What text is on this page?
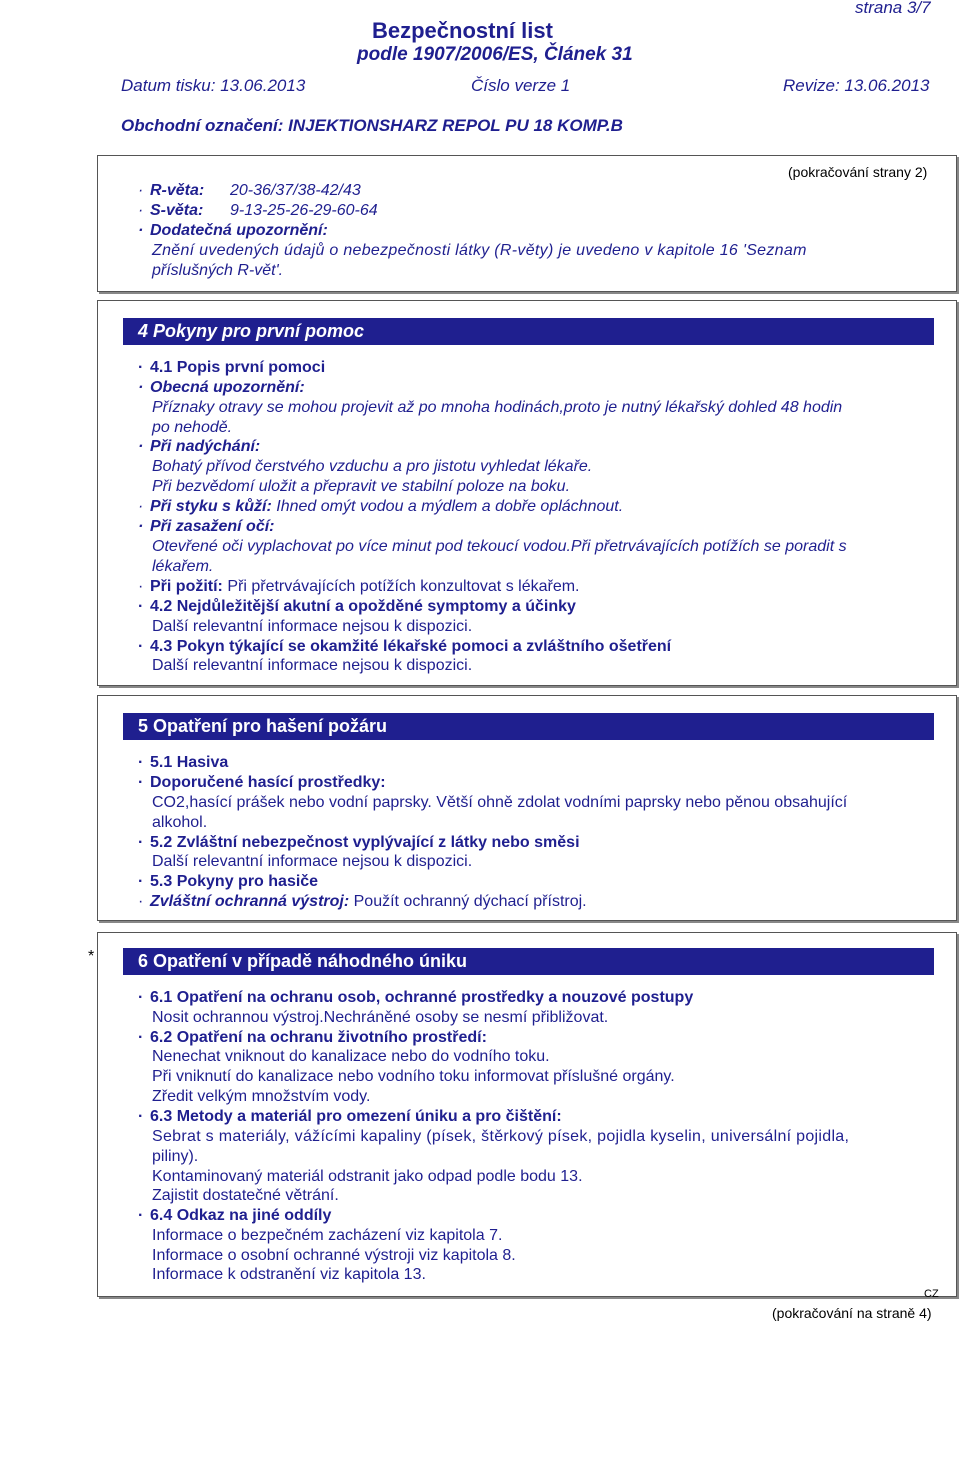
strana 3/7
Bezpečnostní list
podle 1907/2006/ES, Článek 31
Datum tisku: 13.06.2013	Číslo verze 1	Revize: 13.06.2013
Obchodní označení: INJEKTIONSHARZ REPOL PU 18 KOMP.B
(pokračování strany 2)
· R-věta: 20-36/37/38-42/43
· S-věta: 9-13-25-26-29-60-64
· Dodatečná upozornění:
Znění uvedených údajů o nebezpečnosti látky (R-věty) je uvedeno v kapitole 16 'Seznam
příslušných R-vět'.
4 Pokyny pro první pomoc
· 4.1 Popis první pomoci
· Obecná upozornění:
Příznaky otravy se mohou projevit až po mnoha hodinách,proto je nutný lékařský dohled 48 hodin
po nehodě.
· Při nadýchání:
Bohatý přívod čerstvého vzduchu a pro jistotu vyhledat lékaře.
Při bezvědomí uložit a přepravit ve stabilní poloze na boku.
· Při styku s kůží: Ihned omýt vodou a mýdlem a dobře opláchnout.
· Při zasažení očí:
Otevřené oči vyplachovat po více minut pod tekoucí vodou.Při přetrvávajících potížích se poradit s
lékařem.
· Při požití: Při přetrvávajících potížích konzultovat s lékařem.
· 4.2 Nejdůležitější akutní a opožděné symptomy a účinky
Další relevantní informace nejsou k dispozici.
· 4.3 Pokyn týkající se okamžité lékařské pomoci a zvláštního ošetření
Další relevantní informace nejsou k dispozici.
5 Opatření pro hašení požáru
· 5.1 Hasiva
· Doporučené hasící prostředky:
CO2,hasící prášek nebo vodní paprsky. Větší ohně zdolat vodními paprsky nebo pěnou obsahující
alkohol.
· 5.2 Zvláštní nebezpečnost vyplývající z látky nebo směsi
Další relevantní informace nejsou k dispozici.
· 5.3 Pokyny pro hasiče
· Zvláštní ochranná výstroj: Použít ochranný dýchací přístroj.
*	6 Opatření v případě náhodného úniku
· 6.1 Opatření na ochranu osob, ochranné prostředky a nouzové postupy
Nosit ochrannou výstroj.Nechráněné osoby se nesmí přibližovat.
· 6.2 Opatření na ochranu životního prostředí:
Nenechat vniknout do kanalizace nebo do vodního toku.
Při vniknutí do kanalizace nebo vodního toku informovat příslušné orgány.
Zředit velkým množstvím vody.
· 6.3 Metody a materiál pro omezení úniku a pro čištění:
Sebrat s materiály, vážícími kapaliny (písek, štěrkový písek, pojidla kyselin, universální pojidla,
piliny).
Kontaminovaný materiál odstranit jako odpad podle bodu 13.
Zajistit dostatečné větrání.
· 6.4 Odkaz na jiné oddíly
Informace o bezpečném zacházení viz kapitola 7.
Informace o osobní ochranné výstroji viz kapitola 8.
Informace k odstranění viz kapitola 13.
CZ
(pokračování na straně 4)
